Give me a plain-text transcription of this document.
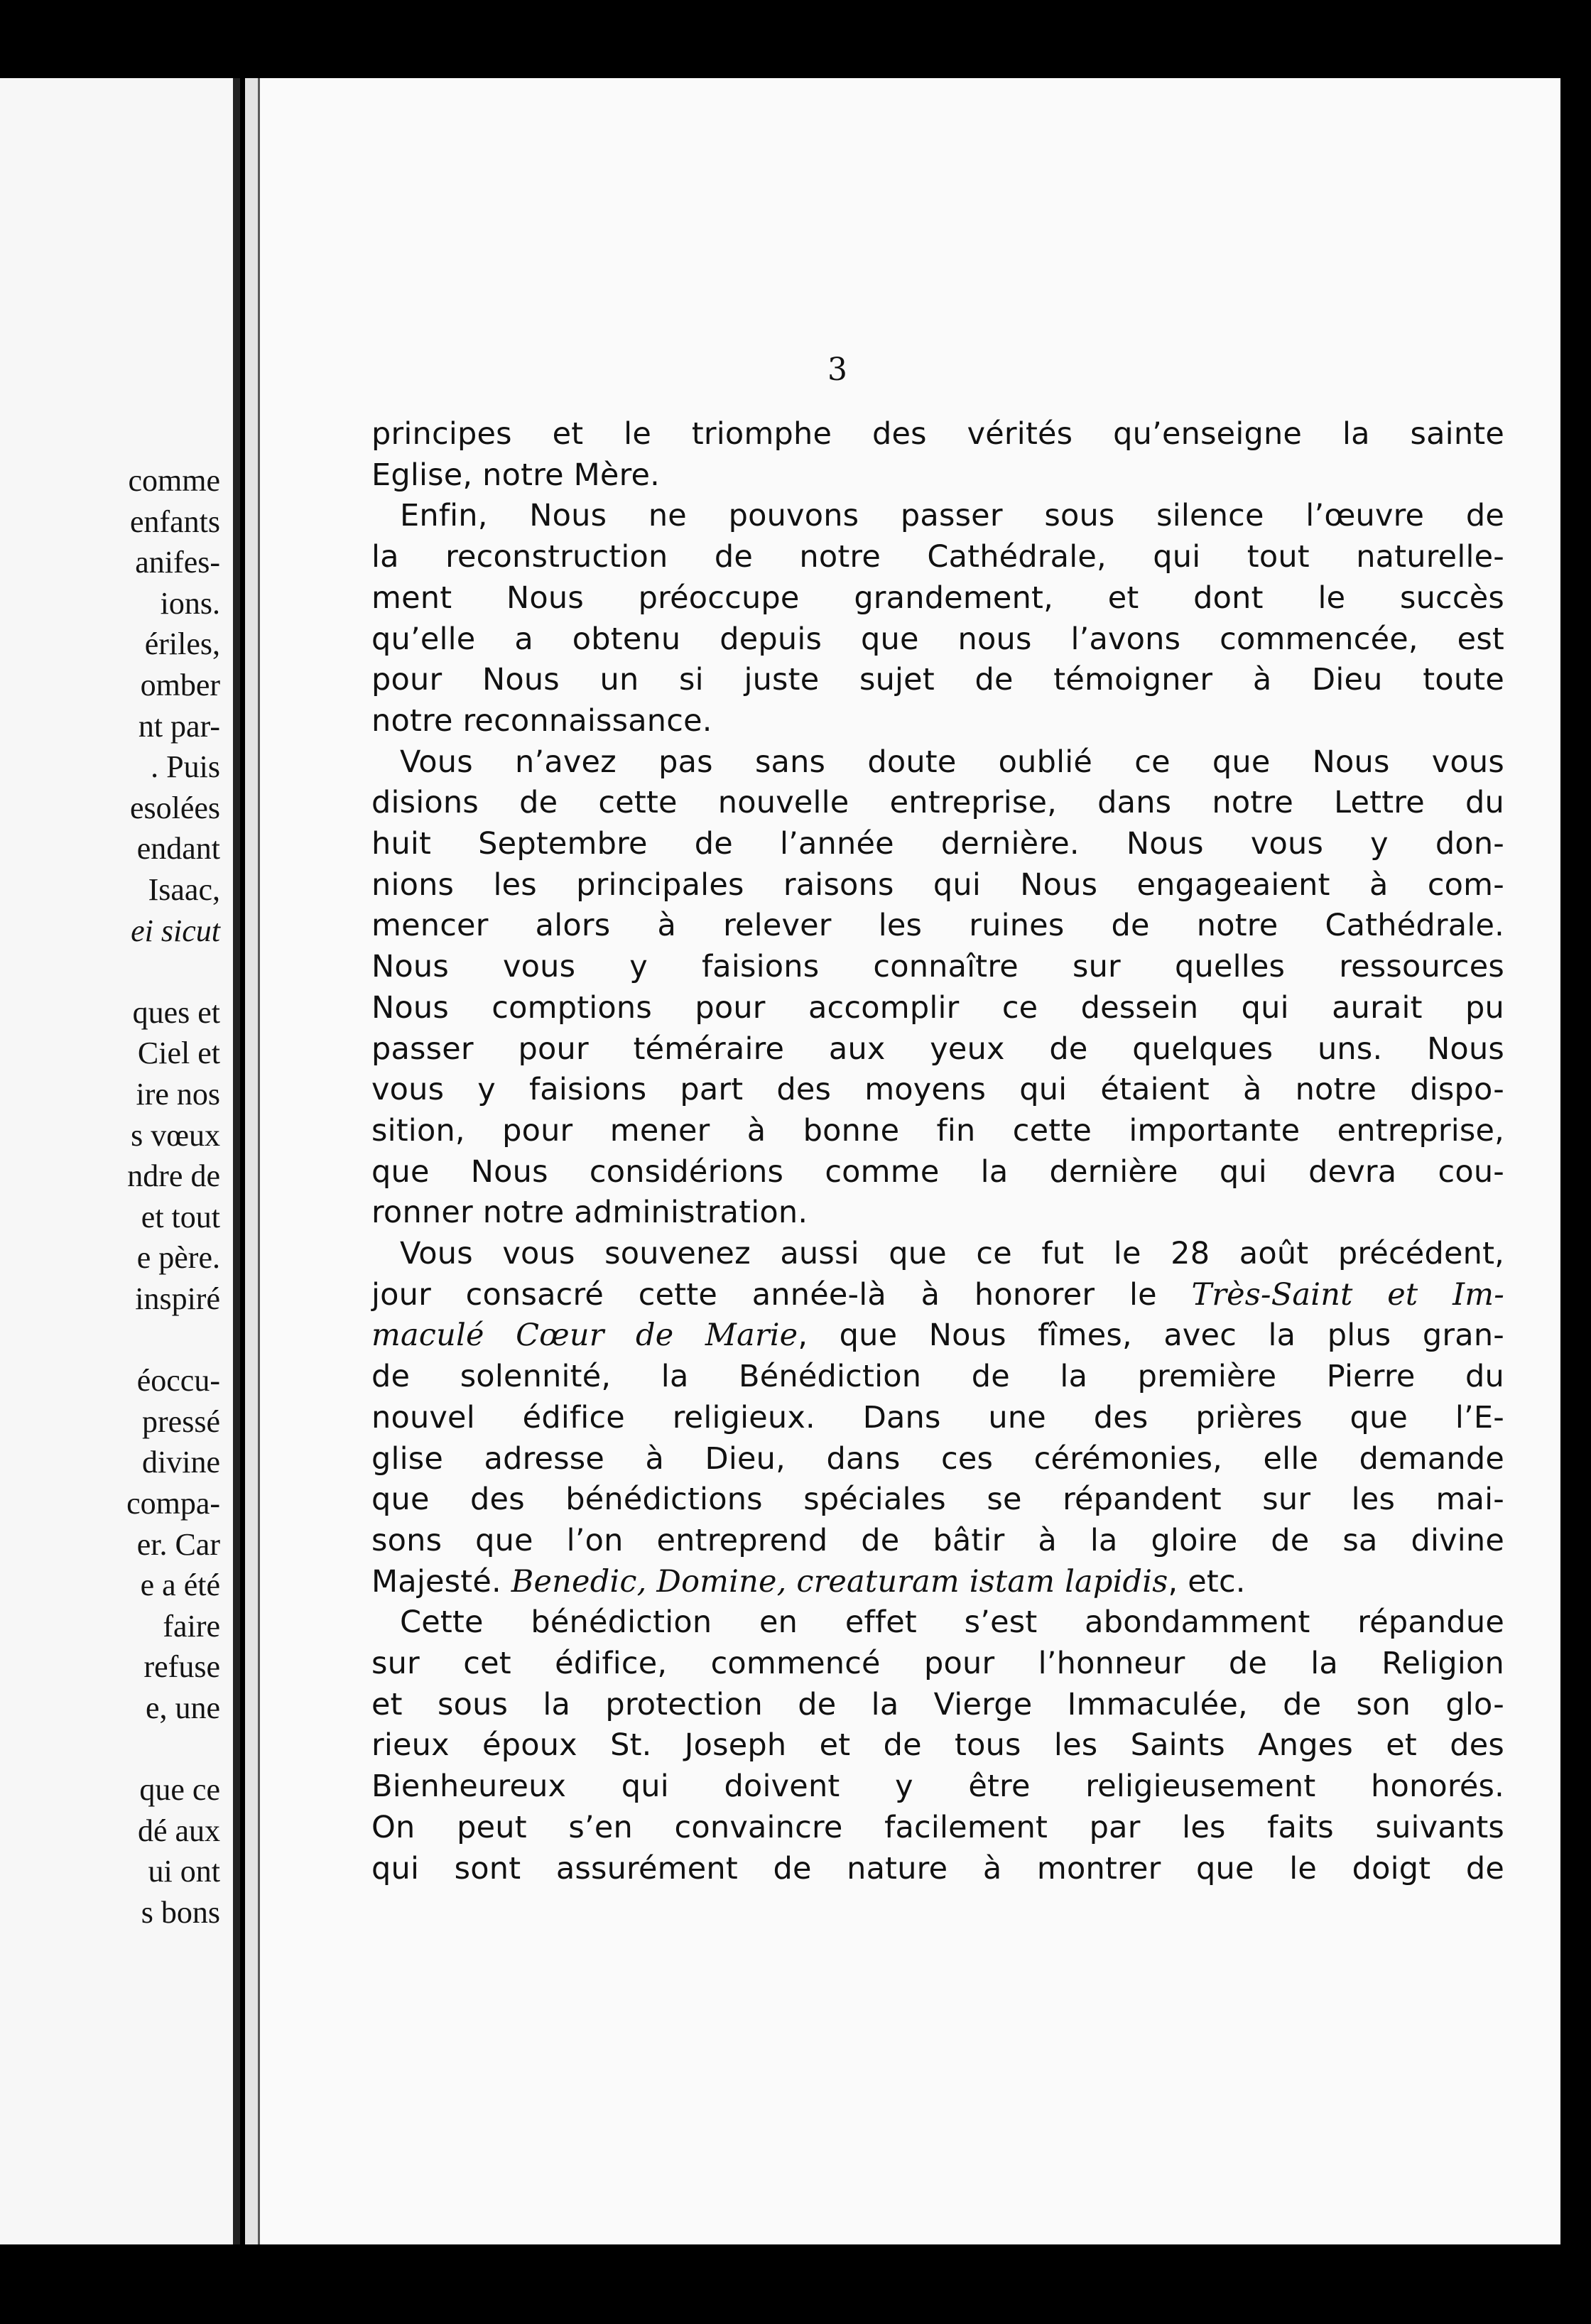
comme
enfants
anifes-
ions.
ériles,
omber
nt par-
. Puis
esolées
endant
Isaac,
ei sicut
ques et
Ciel et
ire nos
s vœux
ndre de
et tout
e père.
inspiré
éoccu-
pressé
divine
compa-
er. Car
e a été
faire
refuse
e, une
que ce
dé aux
ui ont
s bons
3
principes et le triomphe des vérités qu’enseigne la sainte
Eglise, notre Mère.
Enfin, Nous ne pouvons passer sous silence l’œuvre de
la reconstruction de notre Cathédrale, qui tout naturelle-
ment Nous préoccupe grandement, et dont le succès
qu’elle a obtenu depuis que nous l’avons commencée, est
pour Nous un si juste sujet de témoigner à Dieu toute
notre reconnaissance.
Vous n’avez pas sans doute oublié ce que Nous vous
disions de cette nouvelle entreprise, dans notre Lettre du
huit Septembre de l’année dernière. Nous vous y don-
nions les principales raisons qui Nous engageaient à com-
mencer alors à relever les ruines de notre Cathédrale.
Nous vous y faisions connaître sur quelles ressources
Nous comptions pour accomplir ce dessein qui aurait pu
passer pour téméraire aux yeux de quelques uns. Nous
vous y faisions part des moyens qui étaient à notre dispo-
sition, pour mener à bonne fin cette importante entreprise,
que Nous considérions comme la dernière qui devra cou-
ronner notre administration.
Vous vous souvenez aussi que ce fut le 28 août précédent,
jour consacré cette année-là à honorer le Très-Saint et Im-
maculé Cœur de Marie, que Nous fîmes, avec la plus gran-
de solennité, la Bénédiction de la première Pierre du
nouvel édifice religieux. Dans une des prières que l’E-
glise adresse à Dieu, dans ces cérémonies, elle demande
que des bénédictions spéciales se répandent sur les mai-
sons que l’on entreprend de bâtir à la gloire de sa divine
Majesté. Benedic, Domine, creaturam istam lapidis, etc.
Cette bénédiction en effet s’est abondamment répandue
sur cet édifice, commencé pour l’honneur de la Religion
et sous la protection de la Vierge Immaculée, de son glo-
rieux époux St. Joseph et de tous les Saints Anges et des
Bienheureux qui doivent y être religieusement honorés.
On peut s’en convaincre facilement par les faits suivants
qui sont assurément de nature à montrer que le doigt de
